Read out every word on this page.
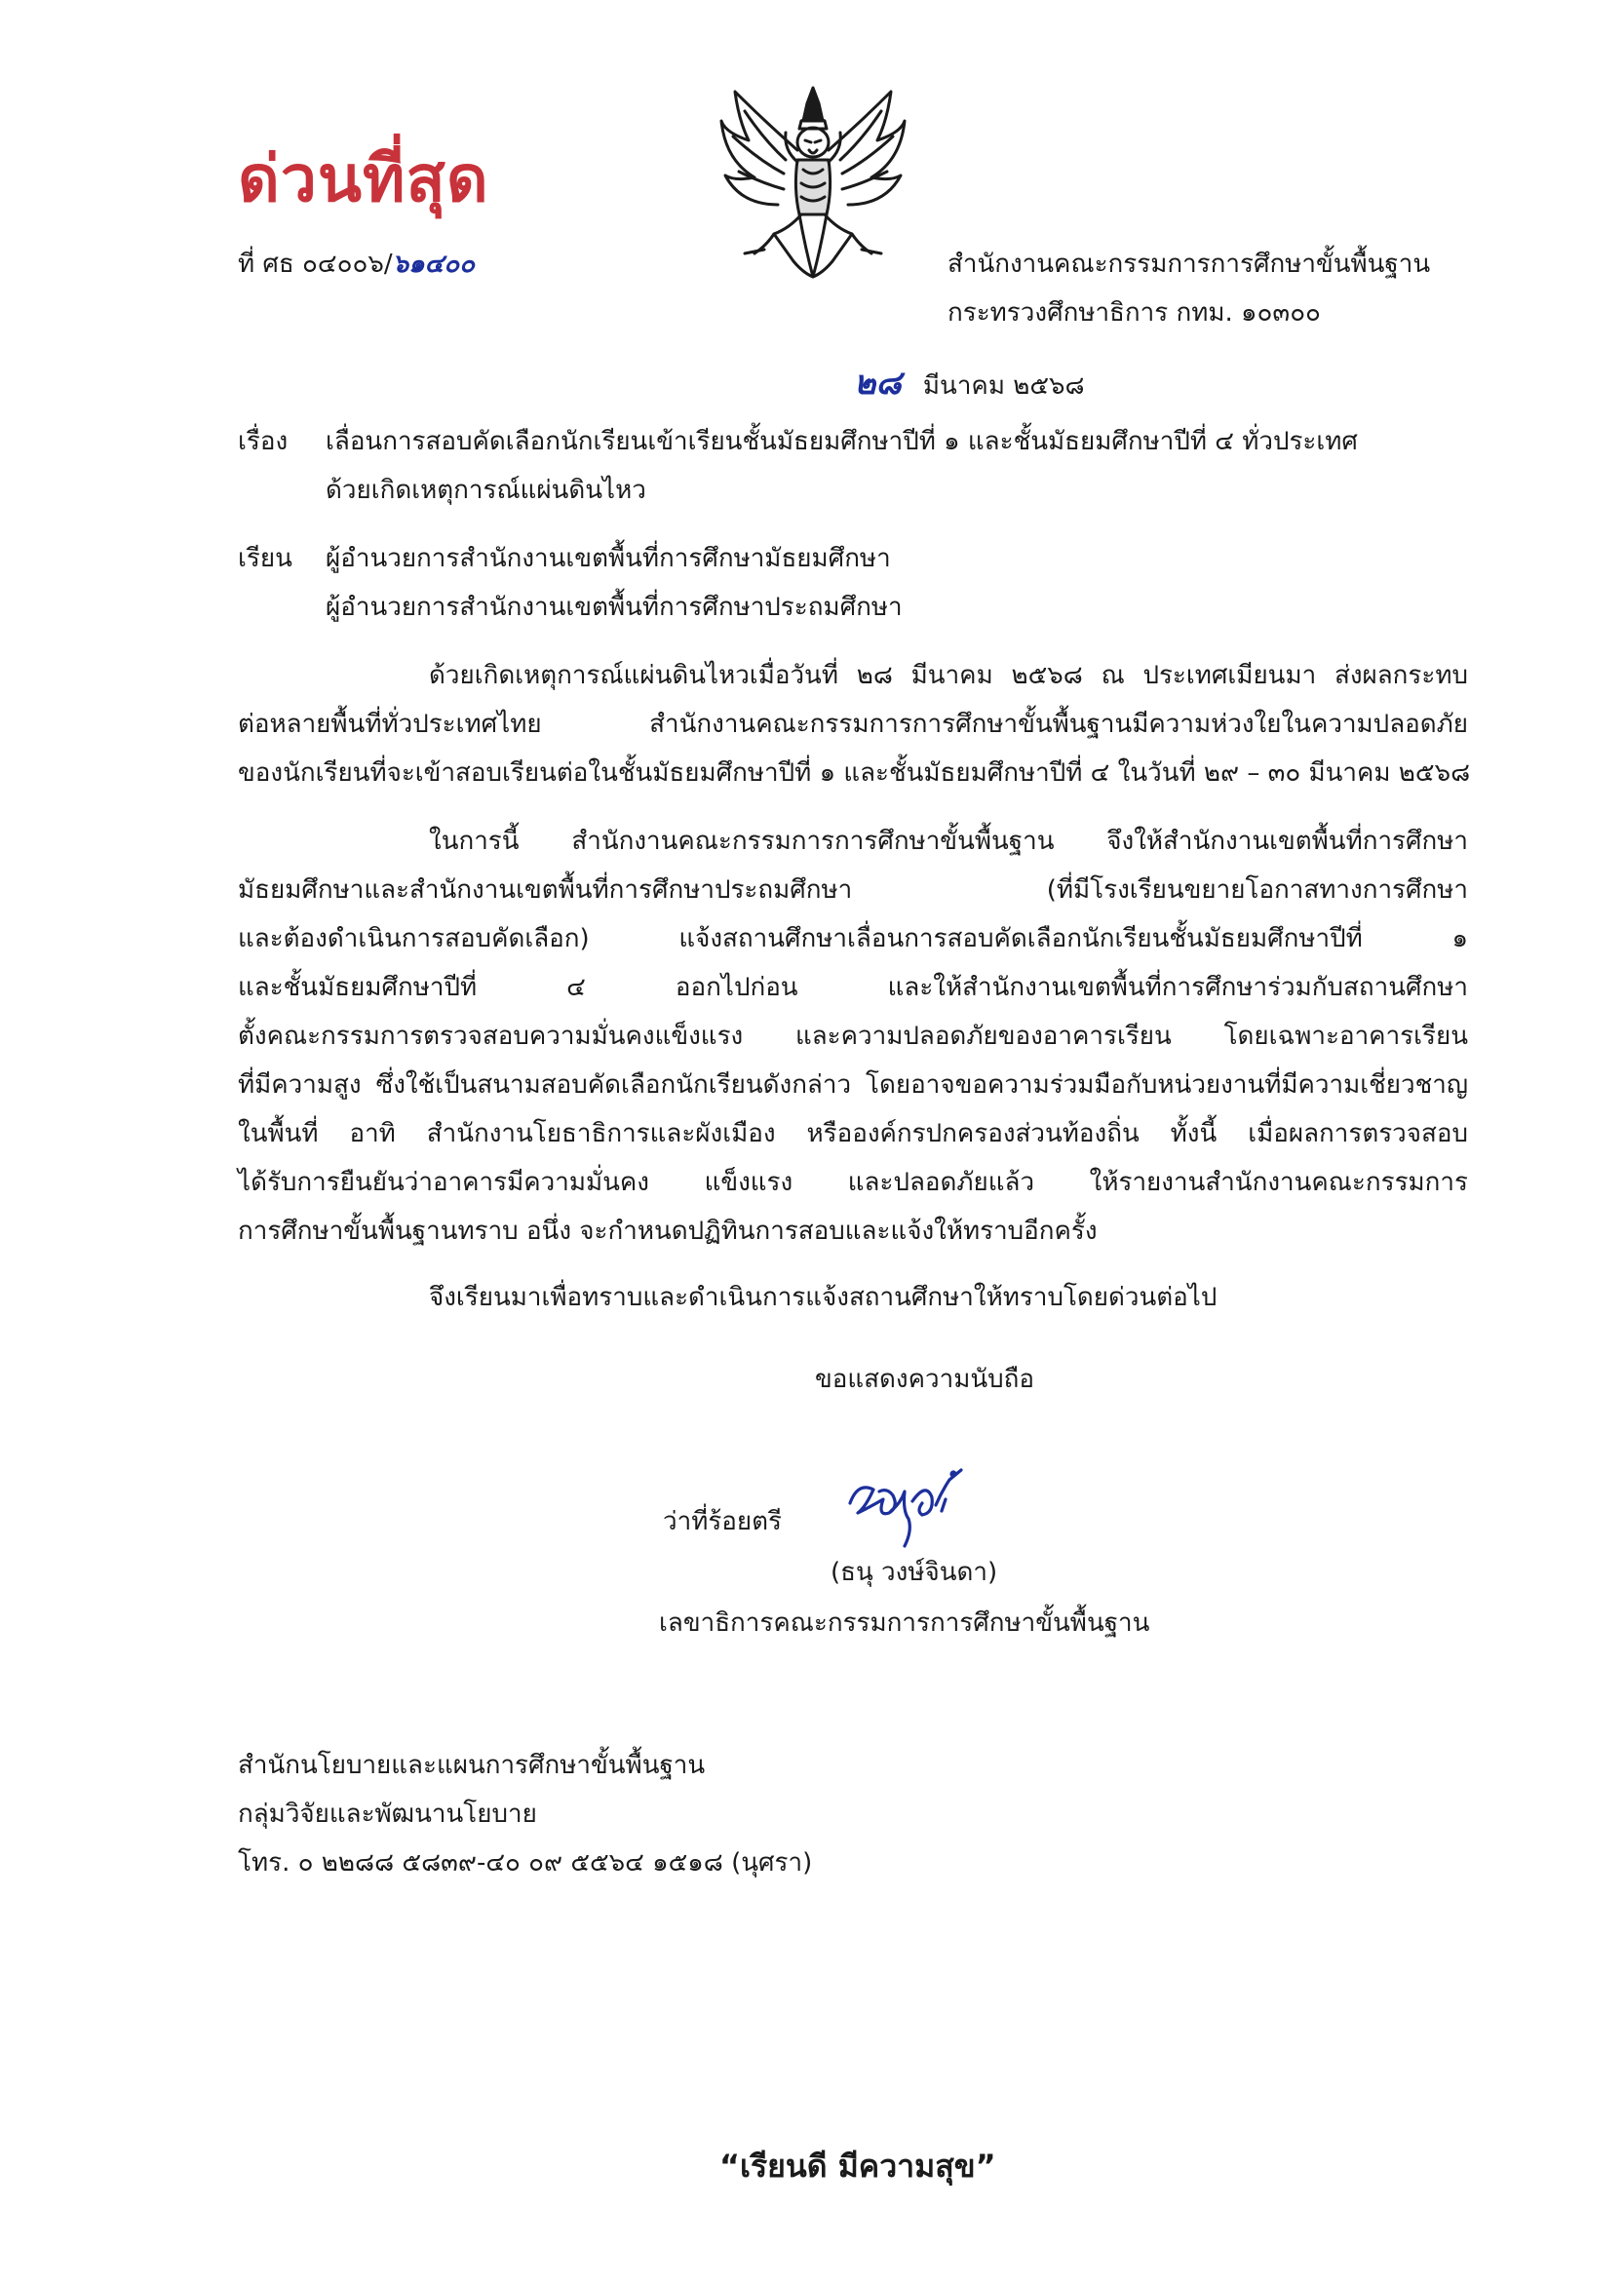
ด่วนที่สุด
ที่ ศธ ๐๔๐๐๖/๖๑๔๐๐	สำนักงานคณะกรรมการการศึกษาขั้นพื้นฐาน
กระทรวงศึกษาธิการ กทม. ๑๐๓๐๐
๒๘ มีนาคม ๒๕๖๘
เรื่อง เลื่อนการสอบคัดเลือกนักเรียนเข้าเรียนชั้นมัธยมศึกษาปีที่ ๑ และชั้นมัธยมศึกษาปีที่ ๔ ทั่วประเทศ
ด้วยเกิดเหตุการณ์แผ่นดินไหว
เรียน ผู้อำนวยการสำนักงานเขตพื้นที่การศึกษามัธยมศึกษา
ผู้อำนวยการสำนักงานเขตพื้นที่การศึกษาประถมศึกษา
ด้วยเกิดเหตุการณ์แผ่นดินไหวเมื่อวันที่ ๒๘ มีนาคม ๒๕๖๘ ณ ประเทศเมียนมา ส่งผลกระทบ
ต่อหลายพื้นที่ทั่วประเทศไทย สำนักงานคณะกรรมการการศึกษาขั้นพื้นฐานมีความห่วงใยในความปลอดภัย
ของนักเรียนที่จะเข้าสอบเรียนต่อในชั้นมัธยมศึกษาปีที่ ๑ และชั้นมัธยมศึกษาปีที่ ๔ ในวันที่ ๒๙ – ๓๐ มีนาคม ๒๕๖๘
ในการนี้ สำนักงานคณะกรรมการการศึกษาขั้นพื้นฐาน จึงให้สำนักงานเขตพื้นที่การศึกษา
มัธยมศึกษาและสำนักงานเขตพื้นที่การศึกษาประถมศึกษา (ที่มีโรงเรียนขยายโอกาสทางการศึกษา
และต้องดำเนินการสอบคัดเลือก) แจ้งสถานศึกษาเลื่อนการสอบคัดเลือกนักเรียนชั้นมัธยมศึกษาปีที่ ๑
และชั้นมัธยมศึกษาปีที่ ๔ ออกไปก่อน และให้สำนักงานเขตพื้นที่การศึกษาร่วมกับสถานศึกษา
ตั้งคณะกรรมการตรวจสอบความมั่นคงแข็งแรง และความปลอดภัยของอาคารเรียน โดยเฉพาะอาคารเรียน
ที่มีความสูง ซึ่งใช้เป็นสนามสอบคัดเลือกนักเรียนดังกล่าว โดยอาจขอความร่วมมือกับหน่วยงานที่มีความเชี่ยวชาญ
ในพื้นที่ อาทิ สำนักงานโยธาธิการและผังเมือง หรือองค์กรปกครองส่วนท้องถิ่น ทั้งนี้ เมื่อผลการตรวจสอบ
ได้รับการยืนยันว่าอาคารมีความมั่นคง แข็งแรง และปลอดภัยแล้ว ให้รายงานสำนักงานคณะกรรมการ
การศึกษาขั้นพื้นฐานทราบ อนึ่ง จะกำหนดปฏิทินการสอบและแจ้งให้ทราบอีกครั้ง
จึงเรียนมาเพื่อทราบและดำเนินการแจ้งสถานศึกษาให้ทราบโดยด่วนต่อไป
ขอแสดงความนับถือ
ว่าที่ร้อยตรี
(ธนุ วงษ์จินดา)
เลขาธิการคณะกรรมการการศึกษาขั้นพื้นฐาน
สำนักนโยบายและแผนการศึกษาขั้นพื้นฐาน
กลุ่มวิจัยและพัฒนานโยบาย
โทร. ๐ ๒๒๘๘ ๕๘๓๙-๔๐ ๐๙ ๕๕๖๔ ๑๕๑๘ (นุศรา)
“เรียนดี มีความสุข”
